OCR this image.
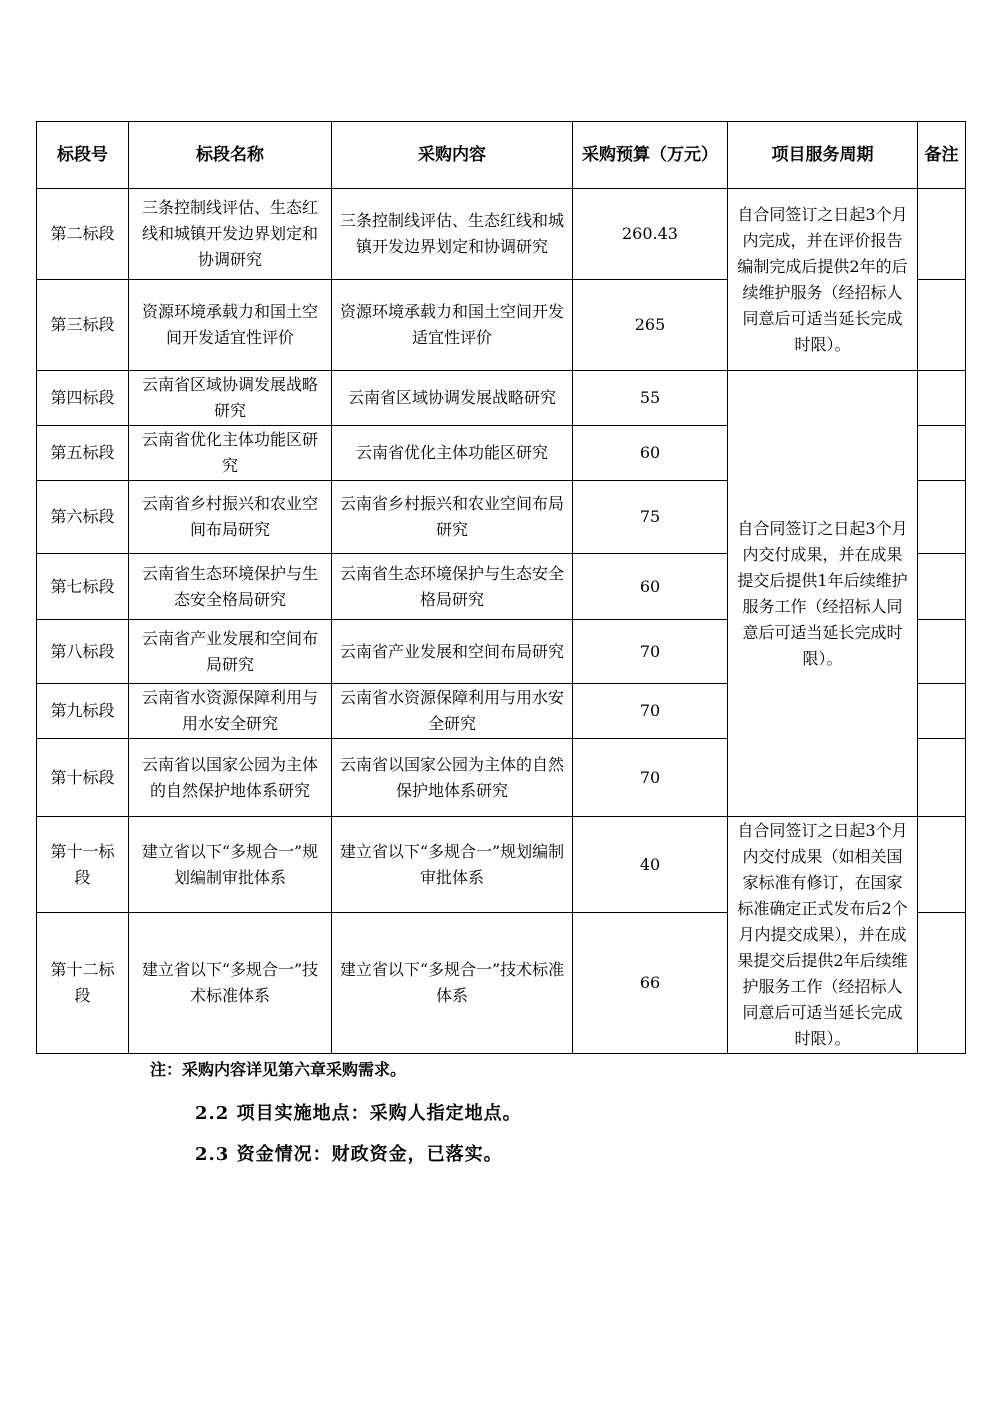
标段号	标段名称	采购内容	采购预算（万元）	项目服务周期	备注
第二标段	三条控制线评估、生态红线和城镇开发边界划定和协调研究	三条控制线评估、生态红线和城镇开发边界划定和协调研究	260.43	自合同签订之日起3个月内完成，并在评价报告编制完成后提供2年的后续维护服务（经招标人同意后可适当延长完成时限）。	
第三标段	资源环境承载力和国土空间开发适宜性评价	资源环境承载力和国土空间开发适宜性评价	265		
第四标段	云南省区域协调发展战略研究	云南省区域协调发展战略研究	55	自合同签订之日起3个月内交付成果，并在成果提交后提供1年后续维护服务工作（经招标人同意后可适当延长完成时限）。	
第五标段	云南省优化主体功能区研究	云南省优化主体功能区研究	60		
第六标段	云南省乡村振兴和农业空间布局研究	云南省乡村振兴和农业空间布局研究	75		
第七标段	云南省生态环境保护与生态安全格局研究	云南省生态环境保护与生态安全格局研究	60		
第八标段	云南省产业发展和空间布局研究	云南省产业发展和空间布局研究	70		
第九标段	云南省水资源保障利用与用水安全研究	云南省水资源保障利用与用水安全研究	70		
第十标段	云南省以国家公园为主体的自然保护地体系研究	云南省以国家公园为主体的自然保护地体系研究	70		
第十一标段	建立省以下“多规合一”规划编制审批体系	建立省以下“多规合一”规划编制审批体系	40	自合同签订之日起3个月内交付成果（如相关国家标准有修订，在国家标准确定正式发布后2个月内提交成果），并在成果提交后提供2年后续维护服务工作（经招标人同意后可适当延长完成时限）。	
第十二标段	建立省以下“多规合一”技术标准体系	建立省以下“多规合一”技术标准体系	66		
注：采购内容详见第六章采购需求。
2.2 项目实施地点：采购人指定地点。
2.3 资金情况：财政资金，已落实。
